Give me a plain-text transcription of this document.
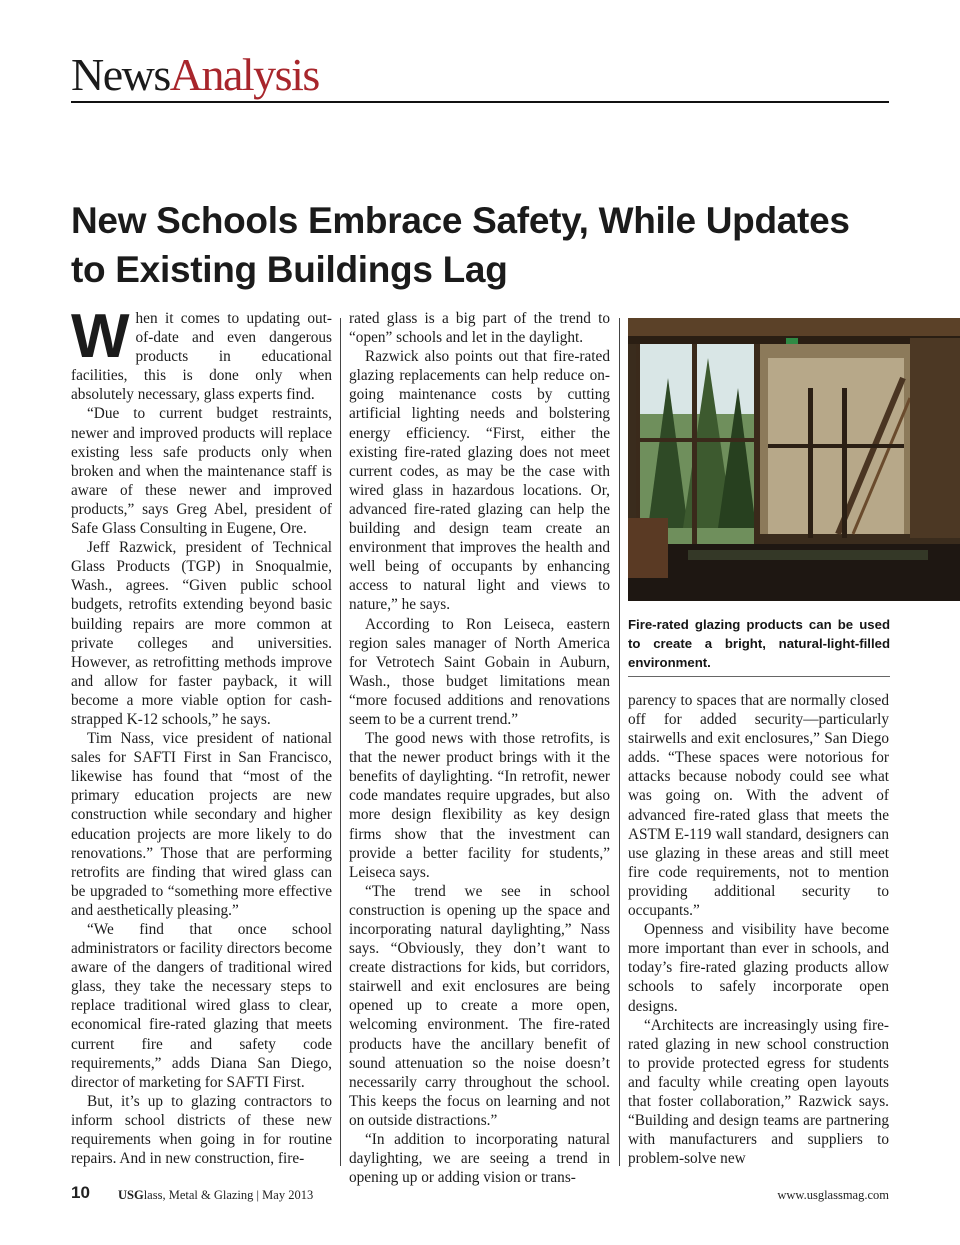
NewsAnalysis
New Schools Embrace Safety, While Updates to Existing Buildings Lag

When it comes to updating out-of-date and even dangerous products in educational facilities, this is done only when absolutely necessary, glass experts find.

“Due to current budget restraints, newer and improved products will replace existing less safe products only when broken and when the maintenance staff is aware of these newer and improved products,” says Greg Abel, president of Safe Glass Consulting in Eugene, Ore.

Jeff Razwick, president of Technical Glass Products (TGP) in Snoqualmie, Wash., agrees. “Given public school budgets, retrofits extending beyond basic building repairs are more common at private colleges and universities. However, as retrofitting methods improve and allow for faster payback, it will become a more viable option for cash-strapped K-12 schools,” he says.

Tim Nass, vice president of national sales for SAFTI First in San Francisco, likewise has found that “most of the primary education projects are new construction while secondary and higher education projects are more likely to do renovations.” Those that are performing retrofits are finding that wired glass can be upgraded to “something more effective and aesthetically pleasing.”

“We find that once school administrators or facility directors become aware of the dangers of traditional wired glass, they take the necessary steps to replace traditional wired glass to clear, economical fire-rated glazing that meets current fire and safety code requirements,” adds Diana San Diego, director of marketing for SAFTI First.

But, it’s up to glazing contractors to inform school districts of these new requirements when going in for routine repairs. And in new construction, fire-

rated glass is a big part of the trend to “open” schools and let in the daylight.

Razwick also points out that fire-rated glazing replacements can help reduce on-going maintenance costs by cutting artificial lighting needs and bolstering energy efficiency. “First, either the existing fire-rated glazing does not meet current codes, as may be the case with wired glass in hazardous locations. Or, advanced fire-rated glazing can help the building and design team create an environment that improves the health and well being of occupants by enhancing access to natural light and views to nature,” he says.

According to Ron Leiseca, eastern region sales manager of North America for Vetrotech Saint Gobain in Auburn, Wash., those budget limitations mean “more focused additions and renovations seem to be a current trend.”

The good news with those retrofits, is that the newer product brings with it the benefits of daylighting. “In retrofit, newer code mandates require upgrades, but also more design flexibility as key design firms show that the investment can provide a better facility for students,” Leiseca says.

“The trend we see in school construction is opening up the space and incorporating natural daylighting,” Nass says. “Obviously, they don’t want to create distractions for kids, but corridors, stairwell and exit enclosures are being opened up to create a more open, welcoming environment. The fire-rated products have the ancillary benefit of sound attenuation so the noise doesn’t necessarily carry throughout the school. This keeps the focus on learning and not on outside distractions.”

“In addition to incorporating natural daylighting, we are seeing a trend in opening up or adding vision or trans-

Photo: TGP

Fire-rated glazing products can be used to create a bright, natural-light-filled environment.

parency to spaces that are normally closed off for added security—particularly stairwells and exit enclosures,” San Diego adds. “These spaces were notorious for attacks because nobody could see what was going on. With the advent of advanced fire-rated glass that meets the ASTM E-119 wall standard, designers can use glazing in these areas and still meet fire code requirements, not to mention providing additional security to occupants.”

Openness and visibility have become more important than ever in schools, and today’s fire-rated glazing products allow schools to safely incorporate open designs.

“Architects are increasingly using fire-rated glazing in new school construction to provide protected egress for students and faculty while creating open layouts that foster collaboration,” Razwick says. “Building and design teams are partnering with manufacturers and suppliers to problem-solve new

10 USGlass, Metal & Glazing | May 2013	www.usglassmag.com
